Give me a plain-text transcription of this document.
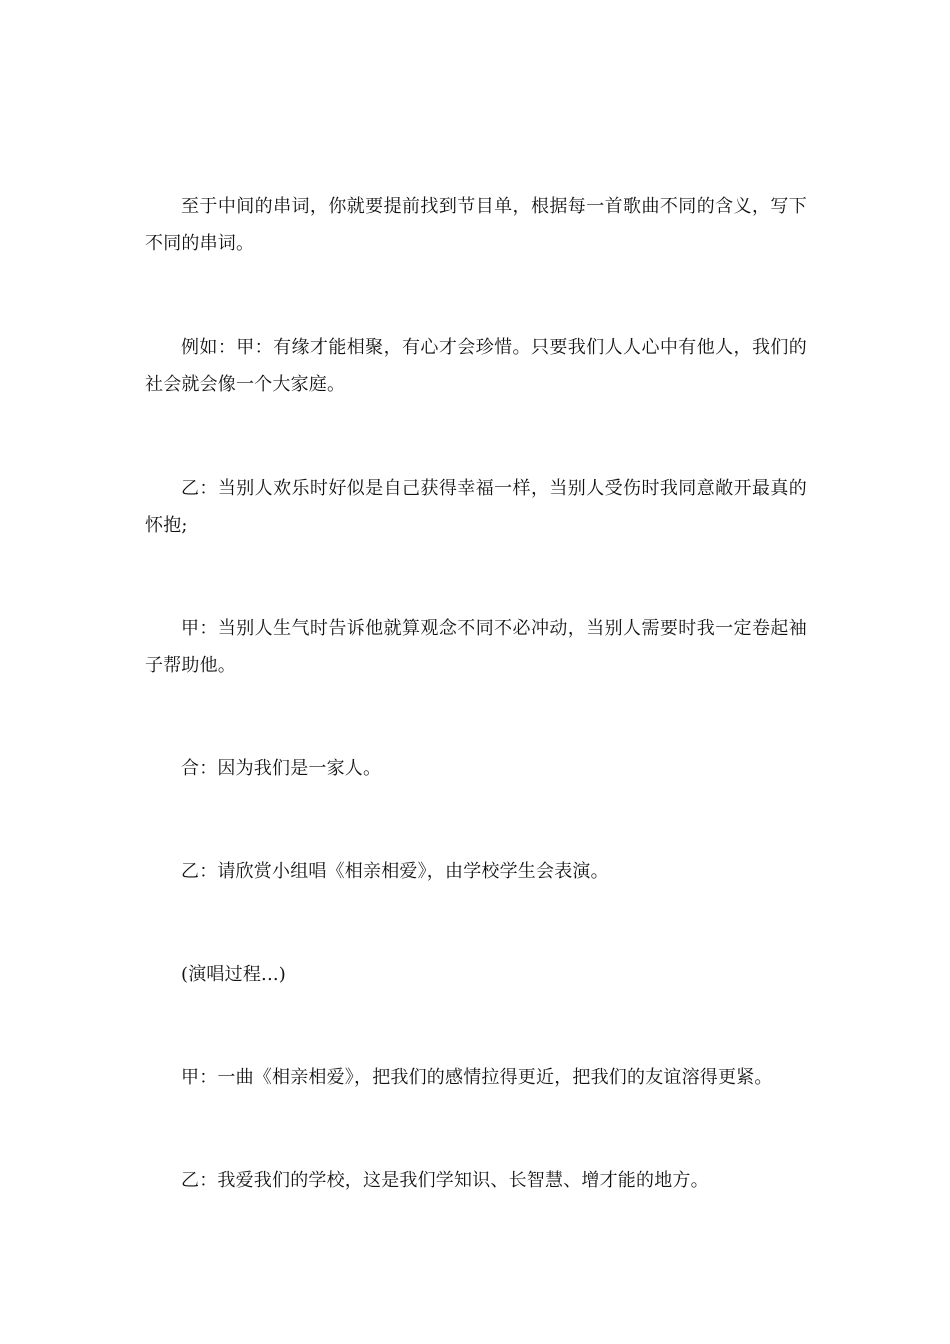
至于中间的串词，你就要提前找到节目单，根据每一首歌曲不同的含义，写下不同的串词。

例如：甲：有缘才能相聚，有心才会珍惜。只要我们人人心中有他人，我们的社会就会像一个大家庭。

乙：当别人欢乐时好似是自己获得幸福一样，当别人受伤时我同意敞开最真的怀抱;

甲：当别人生气时告诉他就算观念不同不必冲动，当别人需要时我一定卷起袖子帮助他。

合：因为我们是一家人。

乙：请欣赏小组唱《相亲相爱》，由学校学生会表演。

(演唱过程...)

甲：一曲《相亲相爱》，把我们的感情拉得更近，把我们的友谊溶得更紧。

乙：我爱我们的学校，这是我们学知识、长智慧、增才能的地方。
